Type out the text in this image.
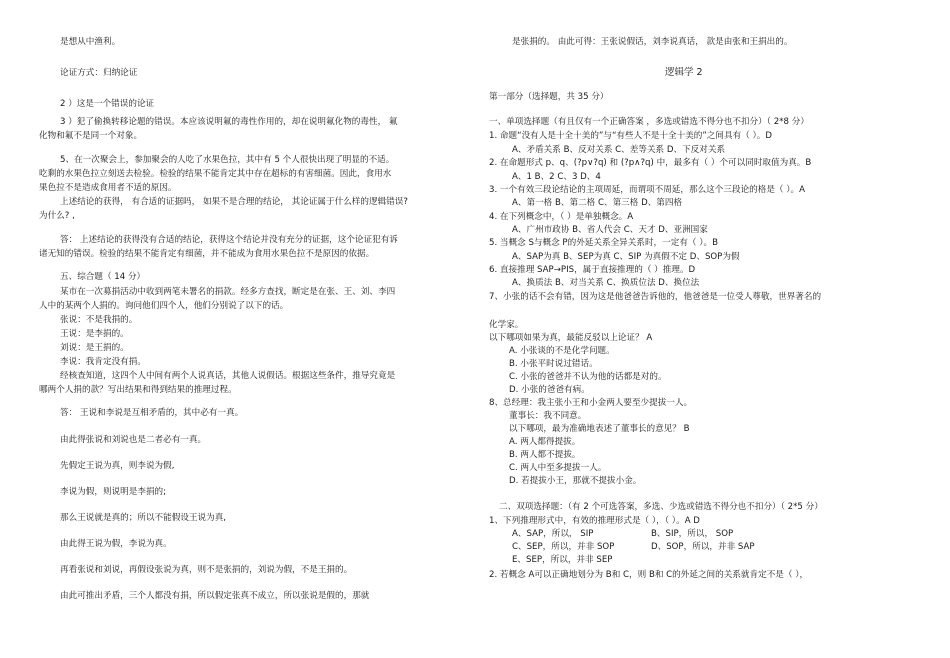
是想从中渔利。
论证方式：归纳论证
2 ）这是一个错误的论证
3 ）犯了偷换转移论题的错误。本应该说明氟的毒性作用的，却在说明氟化物的毒性， 氟
化物和氟不是同一个对象。
5、在一次聚会上，参加聚会的人吃了水果色拉，其中有 5 个人很快出现了明显的不适。
吃剩的水果色拉立刻送去检验。检验的结果不能肯定其中存在超标的有害细菌。因此，食用水
果色拉不是造成食用者不适的原因。
上述结论的获得， 有合适的证据吗， 如果不是合理的结论， 其论证属于什么样的逻辑错误?
为什么? ,
答： 上述结论的获得没有合适的结论，获得这个结论并没有充分的证据，这个论证犯有诉
诸无知的错误。检验的结果不能肯定有细菌，并不能成为食用水果色拉不是原因的依据。
五、综合题（ 14 分）
某市在一次募捐活动中收到两笔未署名的捐款。经多方查找，断定是在张、王、刘、李四
人中的某两个人捐的。询问他们四个人，他们分别说了以下的话。
张说：不是我捐的。
王说：是李捐的。
刘说：是王捐的。
李说：我肯定没有捐。
经核查知道，这四个人中间有两个人说真话，其他人说假话。根据这些条件，推导究竟是
哪两个人捐的款？写出结果和得到结果的推理过程。
答： 王说和李说是互相矛盾的，其中必有一真。
由此得张说和刘说也是二者必有一真。
先假定王说为真，则李说为假,
李说为假，则说明是李捐的;
那么王说就是真的；所以不能假设王说为真,
由此得王说为假，李说为真。
再看张说和刘说，再假设张说为真，则不是张捐的，刘说为假，不是王捐的。
由此可推出矛盾，三个人都没有捐，所以假定张真不成立，所以张说是假的，那就
是张捐的。 由此可得：王张说假话，刘李说真话， 款是由张和王捐出的。
逻辑学 2
第一部分（选择题，共 35 分）
一、单项选择题（有且仅有一个正确答案 ，多选或错选不得分也不扣分）（ 2*8 分）
1. 命题“没有人是十全十美的”与“有些人不是十全十美的”之间具有（ ）。D
A、矛盾关系 B、反对关系 C、差等关系 D、下反对关系
2. 在命题形式 p、q、(?p∨?q) 和 (?p∧?q) 中，最多有（ ）个可以同时取值为真。B
A、1 B、2 C、3 D、4
3. 一个有效三段论结论的主项周延，而谓项不周延，那么这个三段论的格是（ ）。A
A、第一格 B、第二格 C、第三格 D、第四格
4. 在下列概念中，（ ）是单独概念。A
A、广州市政协 B、省人代会 C、天才 D、亚洲国家
5. 当概念 S与概念 P的外延关系全异关系时，一定有（ ）。B
A、SAP为真 B、SEP为真 C、SIP 为真假不定 D、SOP为假
6. 直接推理 SAP→PIS，属于直接推理的（ ）推理。D
A、换质法 B、对当关系 C、换质位法 D、换位法
7、小张的话不会有错，因为这是他爸爸告诉他的，他爸爸是一位受人尊敬，世界著名的
化学家。
以下哪项如果为真，最能反驳以上论证？ A
A. 小张谈的不是化学问题。
B. 小张平时说过错话。
C. 小张的爸爸并不认为他的话都是对的。
D. 小张的爸爸有病。
8、总经理：我主张小王和小金两人要至少提拔一人。
董事长：我不同意。
以下哪项，最为准确地表述了董事长的意见？ B
A. 两人都得提拔。
B. 两人都不提拔。
C. 两人中至多提拔一人。
D. 若提拔小王，那就不提拔小金。
二、双项选择题：（有 2 个可选答案，多选、少选或错选不得分也不扣分）（ 2*5 分）
1、下列推理形式中，有效的推理形式是（ ），（ ）。A D
A、SAP，所以， SIP	B、SIP，所以， SOP
C、SEP，所以，并非 SOP	D、SOP，所以，并非 SAP
E、SEP，所以，并非 SEP
2. 若概念 A可以正确地划分为 B和 C，则 B和 C的外延之间的关系就肯定不是（ ），
